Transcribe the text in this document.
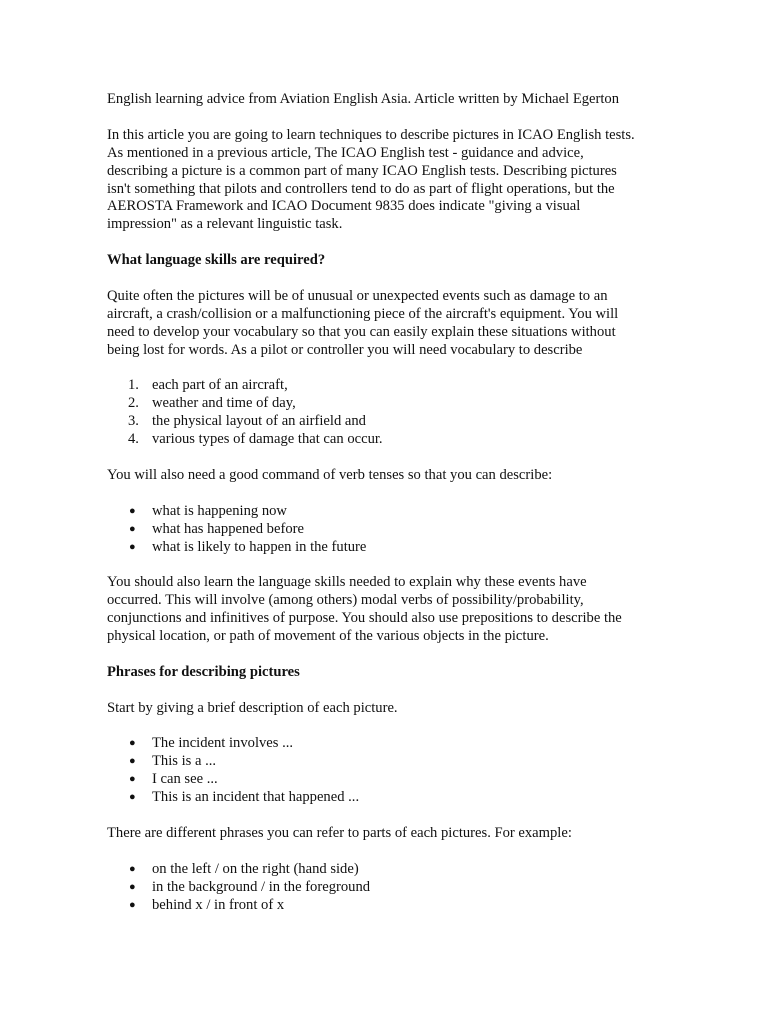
English learning advice from Aviation English Asia. Article written by Michael Egerton

In this article you are going to learn techniques to describe pictures in ICAO English tests.
As mentioned in a previous article, The ICAO English test - guidance and advice,
describing a picture is a common part of many ICAO English tests. Describing pictures
isn't something that pilots and controllers tend to do as part of flight operations, but the
AEROSTA Framework and ICAO Document 9835 does indicate "giving a visual
impression" as a relevant linguistic task.

What language skills are required?

Quite often the pictures will be of unusual or unexpected events such as damage to an
aircraft, a crash/collision or a malfunctioning piece of the aircraft's equipment. You will
need to develop your vocabulary so that you can easily explain these situations without
being lost for words. As a pilot or controller you will need vocabulary to describe

1. each part of an aircraft,
2. weather and time of day,
3. the physical layout of an airfield and
4. various types of damage that can occur.

You will also need a good command of verb tenses so that you can describe:

● what is happening now
● what has happened before
● what is likely to happen in the future

You should also learn the language skills needed to explain why these events have
occurred. This will involve (among others) modal verbs of possibility/probability,
conjunctions and infinitives of purpose. You should also use prepositions to describe the
physical location, or path of movement of the various objects in the picture.

Phrases for describing pictures

Start by giving a brief description of each picture.

● The incident involves ...
● This is a ...
● I can see ...
● This is an incident that happened ...

There are different phrases you can refer to parts of each pictures. For example:

● on the left / on the right (hand side)
● in the background / in the foreground
● behind x / in front of x
